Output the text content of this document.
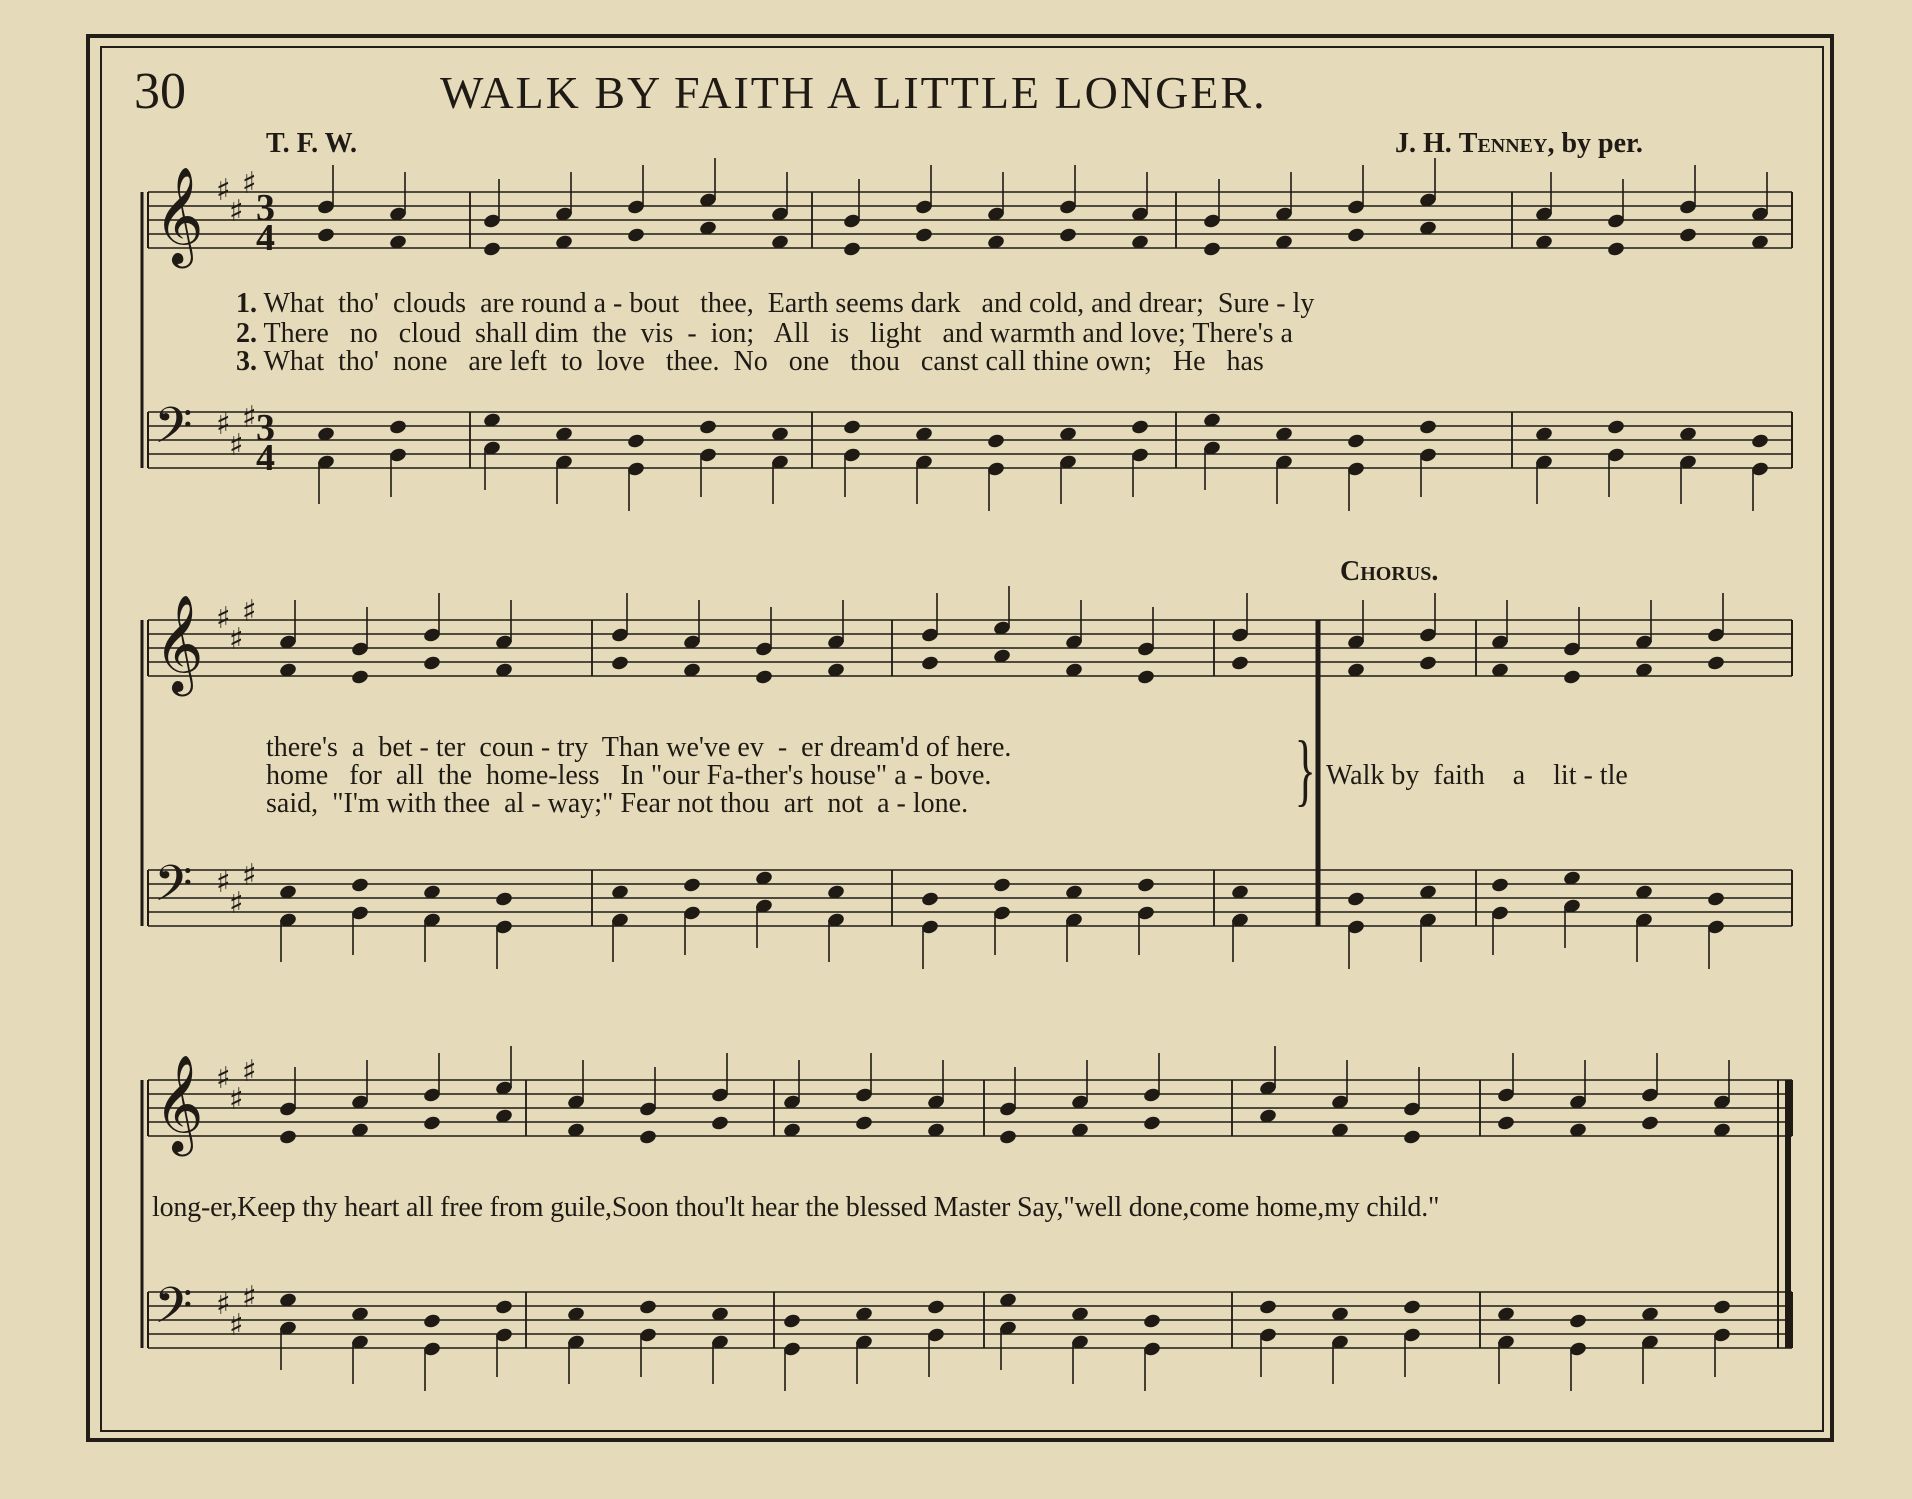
30	WALK BY FAITH A LITTLE LONGER.
T. F. W.	J. H. Tenney, by per.
Chorus.
𝄞 ♯
♯
♯
3
4
𝄢 ♯
♯
♯ 3
4
𝄞 ♯
♯
♯
𝄢 ♯
♯
♯
𝄞 ♯
♯
♯
𝄢 ♯
♯
♯
1. What  tho'  clouds  are round a - bout   thee,  Earth seems dark   and cold, and drear;  Sure - ly
2. There   no   cloud  shall dim  the  vis  -  ion;   All   is   light   and warmth and love; There's a
3. What  tho'  none   are left  to  love   thee.  No   one   thou   canst call thine own;   He   has
there's  a  bet - ter  coun - try  Than we've ev  -  er dream'd of here.
home   for  all  the  home-less   In "our Fa-ther's house" a - bove.
said,  "I'm with thee  al - way;" Fear not thou  art  not  a - lone.	} Walk by  faith    a    lit - tle
long-er,Keep thy heart all free from guile,Soon thou'lt hear the blessed Master Say,"well done,come home,my child."
